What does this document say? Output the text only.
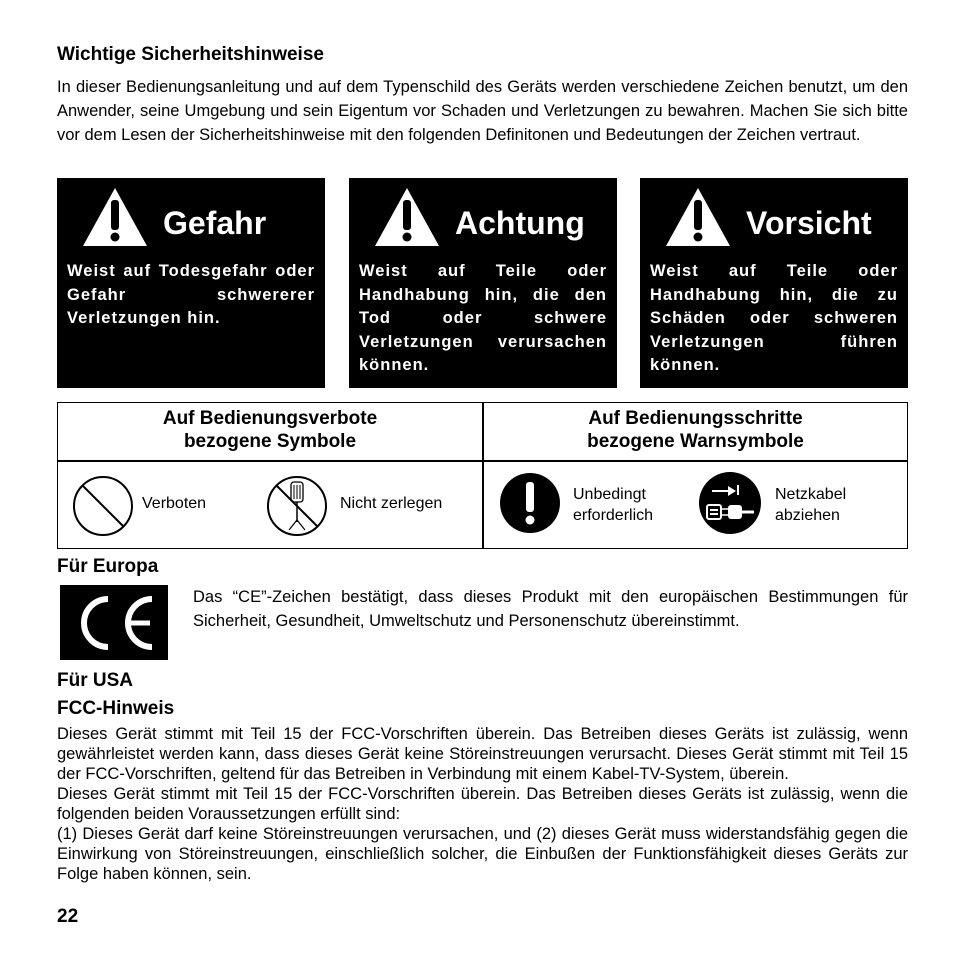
Wichtige Sicherheitshinweise

In dieser Bedienungsanleitung und auf dem Typenschild des Geräts werden verschiedene Zeichen benutzt, um den Anwender, seine Umgebung und sein Eigentum vor Schaden und Verletzungen zu bewahren. Machen Sie sich bitte vor dem Lesen der Sicherheitshinweise mit den folgenden Definitonen und Bedeutungen der Zeichen vertraut.

Gefahr
Weist auf Todesgefahr oder Gefahr schwererer Verletzungen hin.
Achtung
Weist auf Teile oder Handhabung hin, die den Tod oder schwere Verletzungen verursachen können.
Vorsicht
Weist auf Teile oder Handhabung hin, die zu Schäden oder schweren Verletzungen führen können.
Auf Bedienungsverbote
bezogene Symbole
Auf Bedienungsschritte
bezogene Warnsymbole
Verboten	Nicht zerlegen
Unbedingt
erforderlich
Netzkabel
abziehen
Für Europa

Das “CE”-Zeichen bestätigt, dass dieses Produkt mit den europäischen Bestimmungen für Sicherheit, Gesundheit, Umweltschutz und Personenschutz übereinstimmt.

Für USA
FCC-Hinweis

Dieses Gerät stimmt mit Teil 15 der FCC-Vorschriften überein. Das Betreiben dieses Geräts ist zulässig, wenn gewährleistet werden kann, dass dieses Gerät keine Störeinstreuungen verursacht. Dieses Gerät stimmt mit Teil 15 der FCC-Vorschriften, geltend für das Betreiben in Verbindung mit einem Kabel-TV-System, überein.

Dieses Gerät stimmt mit Teil 15 der FCC-Vorschriften überein. Das Betreiben dieses Geräts ist zulässig, wenn die folgenden beiden Voraussetzungen erfüllt sind:

(1) Dieses Gerät darf keine Störeinstreuungen verursachen, und (2) dieses Gerät muss widerstandsfähig gegen die Einwirkung von Störeinstreuungen, einschließlich solcher, die Einbußen der Funktionsfähigkeit dieses Geräts zur Folge haben können, sein.

22
